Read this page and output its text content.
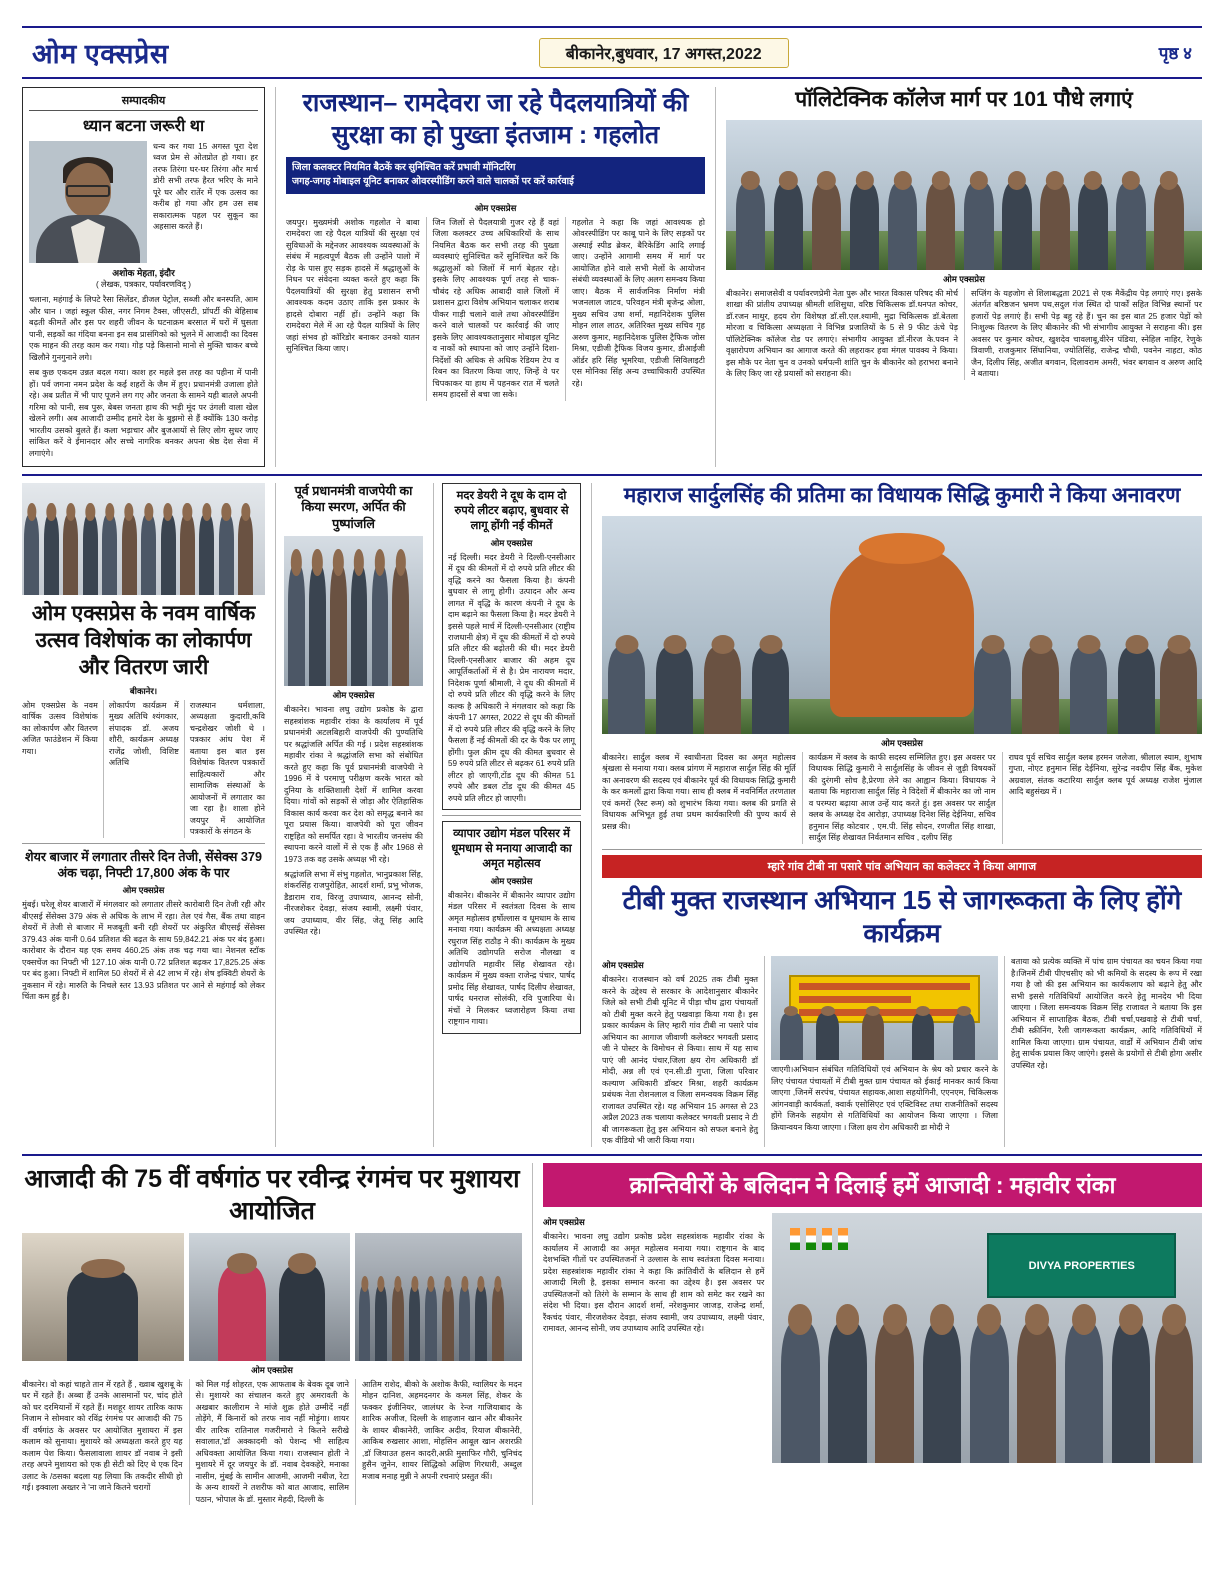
ओम एक्सप्रेस	बीकानेर,बुधवार, 17 अगस्त,2022	पृष्ठ ४
सम्पादकीय
ध्यान बटना जरूरी था
धन्य कर गया 15 अगस्त पूरा देश ध्वज प्रेम से ओतप्रोत हो गया। हर तरफ तिरंगा घर-घर तिरंगा और मार्च डोरी सभी तरफ हैरत भरिए के माने पूरे घर और रातेंर में एक उत्सव का करीब हो गया और हम उस सब सकारात्मक पहल पर सुकून का अहसास करते हैं।
अशोक मेहता, इंदौर
( लेखक, पत्रकार, पर्यावरणविद् )
चलाना, महंगाई के लिपटे रैसा सिलेंडर, डीजल पेट्रोल, सब्जी और बनस्पति, आम और धान । जहां स्कूल फीस, नगर निगम टैक्स, जीएसटी, प्रॉपर्टी की बेहिसाब बढ़ती कीमतें और इस पर शहरी जीवन के घटनाक्रम बरसात में घरों में घुसता पानी, सड़कों का गंदिया बनना इन सब प्रासंगिको को भुलने में आजादी का दिवस एक माहन की तरह काम कर गया। गोड़ पड़े किसानो मानो से मुक्ति चाकर बच्चे खिलौने गुनगुनाने लगे।
सब कुछ एकदम उन्नत बदल गया। काश हर महले इस तरह का पहीना में पानी हों। पर्व जगना नमन प्रदेश के कई शहरों के जैम में हुए। प्रधानमंत्री उजाला होते रहे। अब प्रतीत में भी पाए पूजने लग गए और जनता के सामने यही बातले अपनी गरिमा को पानी, सब पुरू, बेबस जनता हाथ की भड़ी मूंद पर उंगली वाला खेल खेलने लगी। अब आजादी उम्मीद हमारे देश के बुझमो से हैं क्योंकि 130 करोड़ भारतीय उसको बुलते हैं। कला भड़ाचार और बुजआयों से लिए लोग सुधर जाए सांकित करें वे ईमानदार और सच्चे नागरिक बनकर अपना श्रेष्ठ देश सेवा में लगाएंगे।
राजस्थान– रामदेवरा जा रहे पैदलयात्रियों की सुरक्षा का हो पुख्ता इंतजाम : गहलोत
जिला कलक्टर नियमित बैठकें कर सुनिश्चित करें प्रभावी मॉनिटरिंग
जगह-जगह मोबाइल यूनिट बनाकर ओवरस्पीडिंग करने वाले चालकों पर करें कार्रवाई
ओम एक्सप्रेस
जयपुर। मुख्यमंत्री अशोक गहलोत ने बाबा रामदेवरा जा रहे पैदल यात्रियों की सुरक्षा एवं सुविधाओं के मद्देनजर आवश्यक व्यवस्थाओं के संबंध में महत्वपूर्ण बैठक ली उन्होंने पालो में रोड़ के पास हुए सड़क हादसे में श्रद्धालुओं के निधन पर संवेदना व्यक्त करते हुए कहा कि पैदलयात्रियों की सुरक्षा हेतु प्रशासन सभी आवश्यक कदम उठाए ताकि इस प्रकार के हादसे दोबारा नहीं हों। उन्होंने कहा कि रामदेवरा मेले में आ रहे पैदल यात्रियों के लिए जहां संभव हो कॉरिडोर बनाकर उनको यातन सुनिश्चित किया जाए।
जिन जिलों से पैदलयात्री गुजर रहे हैं वहां जिला कलक्टर उच्च अधिकारियों के साथ नियमित बैठक कर सभी तरह की पुख्ता व्यवस्थाएं सुनिश्चित करें सुनिश्चित करें कि श्रद्धालुओं को जिलों में मार्ग बेहतर रहे। इसके लिए आवश्यक पूर्ण तरह से चाक-चौबंद रहे अधिक आबादी वाले जिलों में प्रशासन द्वारा विशेष अभियान चलाकर शराब पीकर गाड़ी चलाने वाले तथा ओवरस्पीडिंग करने वाले चालकों पर कार्रवाई की जाए इसके लिए आवश्यकतानुसार मोबाइल यूनिट व नाकों को स्थापना को जाए उन्होंने दिशा-निर्देशों की अधिक से अधिक रेडियम टेप व रिबन का वितरण किया जाए, जिन्हें वे पर चिपकाकर या हाथ में पहनकर रात में चलते समय हादसों से बचा जा सके।
गहलोत ने कहा कि जहां आवश्यक हो ओवरस्पीडिंग पर काबू पाने के लिए सड़कों पर अस्थाई स्पीड ब्रेकर, बैरिकेडिंग आदि लगाई जाए। उन्होंने आगामी समय में मार्ग पर आयोजित होने वाले सभी मेलों के आयोजन संबंधी व्यवस्थाओं के लिए अलग समन्वय किया जाए। बैठक में सार्वजनिक निर्माण मंत्री भजनलाल जाटव, परिवहन मंत्री बृजेन्द्र ओला, मुख्य सचिव उषा शर्मा, महानिदेशक पुलिस मोहन लाल लाठर, अतिरिक्त मुख्य सचिव गृह अरुण कुमार, महानिदेशक पुलिस ट्रैफिक जोस मिश्रा, एडीजी ट्रैफिक विजय कुमार, डीआईजी ऑर्डर हरि सिंह भूमरिया, एडीजी सिविलाइटी एस मोनिका सिंह अन्य उच्चाधिकारी उपस्थित रहे।
पॉलिटेक्निक कॉलेज मार्ग पर 101 पौधे लगाएं
ओम एक्सप्रेस
बीकानेर। समाजसेवी व पर्यावरणप्रेमी नेता पुरू और भारत विकास परिषद की मोर्च शाखा की प्रांतीय उपाध्यक्ष श्रीमती शशिसुधा, वरिष्ठ चिकित्सक डॉ.धनपत कोचर, डॉ.रजन माथुर, हदय रोग विशेषज्ञ डॉ.सी.एल.श्यामी, मुद्रा चिकित्सक डॉ.बेतला मोरजा व चिकित्सा अध्यक्षता ने विभिन्न प्रजातियों के 5 से 9 फीट ऊंचे पेड़ पॉलिटेक्निक कॉलेज रोड पर लगाएं। संभागीय आयुक्त डॉ.नीरज के.पवन ने वृक्षारोपण अभियान का आगाज करते की लहराकर हवा मंगल पावक्य ने किया। इस मौके पर नेता चुन व उनको धर्मपत्नी शांति चुन के बीकानेर को हराभरा बनाने के लिए किए जा रहे प्रयासों को सराहना की।
सप्लिंग के यहजोग से शिलाबद्धता 2021 से एक मैकेंद्रीय पेड़ लगाएं गए। इसके अंतर्गत बरिष्ठजन भ्रमण पथ,सदुल गंज स्थित दो पार्कों सहित विभिन्न स्थानों पर हजारों पेड़ लगाएं हैं। सभी पेड़ बहु रहे हैं। चुन का इस बात 25 हजार पेड़ों को निःशुल्क वितरण के लिए बीकानेर की भी संभागीय आयुक्त ने सराहना की। इस अवसर पर कुमार कोचर, खुशदेव चावलाबू,वीरेन पंडिया, स्नेहिल नाहिर, रेणुके त्रिवाणी, राजकुमार सिंघानिया, ज्योतिसिंह, राजेन्द्र चौधी, पवनेन नाहटा, कोठ जैन, दिलीप सिंह, अजीत बगवान, दिलावराम अमरी, भंवर बगवान व अरुण आदि ने बताया।
ओम एक्सप्रेस के नवम वार्षिक उत्सव विशेषांक का लोकार्पण और वितरण जारी
बीकानेर।
ओम एक्सप्रेस के नवम वार्षिक उत्सव विशेषांक का लोकार्पण और वितरण अजित फाउंडेशन में किया गया।
लोकार्पण कार्यक्रम में मुख्य अतिथि श्यंगकार, संपादक डॉ. अजय शौरी, कार्यक्रम अध्यक्ष राजेंद्र जोशी, विशिष्ट अतिथि
राजस्थान धर्मशाला, अध्यक्षता कुदाराी,कवि चन्द्रशेखर जोशी थे । पत्रकार आंध पेश में बताया इस बात इस विशेषांक वितरण पत्रकारों साहित्यकारों और सामाजिक संस्थाओं के आयोजनों में लगातार का जा रहा है। शाला होने जयपुर में आयोजित पत्रकारों के संगठन के
शेयर बाजार में लगातार तीसरे दिन तेजी, सेंसेक्स 379 अंक चढ़ा, निफ्टी 17,800 अंक के पार
ओम एक्सप्रेस
मुंबई। घरेलू शेयर बाजारों में मंगलवार को लगातार तीसरे कारोबारी दिन तेजी रही और बीएसई सेंसेक्स 379 अंक से अधिक के लाभ में रहा। तेल एवं गैस, बैंक तथा वाहन शेयरों में तेजी से बाजार में मजबूती बनी रही शेयरों पर अंकुरित बीएसई सेंसेक्स 379.43 अंक यानी 0.64 प्रतिशत की बढ़त के साथ 59,842.21 अंक पर बंद हुआ। कारोबार के दौरान यह एक समय 460.25 अंक तक चढ़ गया था। नेशनल स्टॉक एक्सचेंज का निफ्टी भी 127.10 अंक यानी 0.72 प्रतिशत बढ़कर 17,825.25 अंक पर बंद हुआ। निफ्टी में शामिल 50 शेयरों में से 42 लाभ में रहे। शेष इक्विटी शेयरों के नुकसान में रहे। मारुति के निचले स्तर 13.93 प्रतिशत पर आने से महंगाई को लेकर चिंता कम हुई है।
पूर्व प्रधानमंत्री वाजपेयी का किया स्मरण, अर्पित की पुष्पांजलि
ओम एक्सप्रेस
बीकानेर। भावना लघु उद्योग प्रकोष्ठ के द्वारा सहस्त्रांशक महावीर रांका के कार्यालय में पूर्व प्रधानमंत्री अटलबिहारी वाजपेयी की पुण्यतिथि पर श्रद्धांजलि अर्पित की गई । प्रदेश सहस्त्रांशक महावीर रांका ने श्रद्धांजलि सभा को संबोधित करते हुए कहा कि पूर्व प्रधानमंत्री वाजपेयी ने 1996 में वे परमाणु परीक्षण करके भारत को दुनिया के शक्तिशाली देशों में शामिल करवा दिया। गांवों को सड़कों से जोड़ा और ऐतिहासिक विकास कार्य करवा कर देश को समृद्ध बनाने का पूरा प्रयास किया। वाजपेयी को पूरा जीवन राष्ट्रहित को समर्पित रहा। वे भारतीय जनसंघ की स्थापना करने वालों में से एक हैं और 1968 से 1973 तक वह उसके अध्यक्ष भी रहे।
श्रद्धांजलि सभा में संभु गहलोत, भानुप्रकाश सिंह, शंकरसिंह राजपुरोहित, आदर्श शर्मा, प्रभु भोजक, डैडाराम राव, विरजु उपाध्याय, आनन्द सोनी, नीरजशेकर देवड़ा, संजय स्वामी, लक्ष्मी पंवार, जय उपाध्याय, वीर सिंह, जेतू सिंह आदि उपस्थित रहे।
मदर डेयरी ने दूध के दाम दो रुपये लीटर बढ़ाए, बुधवार से लागू होंगी नई कीमतें
ओम एक्सप्रेस
नई दिल्ली। मदर डेयरी ने दिल्ली-एनसीआर में दूध की कीमतों में दो रुपये प्रति लीटर की वृद्धि करने का फैसला किया है। कंपनी बुधवार से लागू होगी। उत्पादन और अन्य लागत में वृद्धि के कारण कंपनी ने दूध के दाम बढ़ाने का फैसला किया है। मदर डेयरी ने इससे पहले मार्च में दिल्ली-एनसीआर (राष्ट्रीय राजधानी क्षेत्र) में दूध की कीमतों में दो रुपये प्रति लीटर की बढ़ोतरी की थी। मदर डेयरी दिल्ली-एनसीआर बाजार की अहम दूध आपूर्तिकर्ताओं में से है। प्रेम नारायण मदार, निदेशक पूर्णा श्रीमाली, ने दूध की कीमतों में दो रुपये प्रति लीटर की वृद्धि करने के लिए कल्क है अधिकारी ने मंगलवार को कहा कि कंपनी 17 अगस्त, 2022 से दूध की कीमतों में दो रुपये प्रति लीटर की वृद्धि करने के लिए फैसला हैं नई कीमतों की दर के पैक पर लागू होंगी। फुल क्रीम दूध की कीमत बुधवार से 59 रुपये प्रति लीटर से बढ़कर 61 रुपये प्रति लीटर हो जाएगी,टोंड दूध की कीमत 51 रुपये और डबल टोंड दूध की कीमत 45 रुपये प्रति लीटर हो जाएगी।
व्यापार उद्योग मंडल परिसर में धूमधाम से मनाया आजादी का अमृत महोत्सव
ओम एक्सप्रेस
बीकानेर। बीकानेर में बीकानेर व्यापार उद्योग मंडल परिसर में स्वतंत्रता दिवस के साथ अमृत महोत्सव हर्षोल्लास व धूमधाम के साथ मनाया गया। कार्यक्रम की अध्यक्षता अध्यक्ष रघुराज सिंह राठौड़ ने की। कार्यक्रम के मुख्य अतिथि उद्योगपति सरोज नौलखा व उद्योगपति महावीर सिंह शेखावत रहे। कार्यक्रम में मुख्य वक्ता राजेन्द्र पंचार, पार्षद प्रमोद सिंह शेखावत, पार्षद दिलीप शेखावत, पार्षद धनराज सोलंकी, रवि पुजारिया थे। मंचों ने मिलकर ध्वजारोहण किया तथा राष्ट्रगान गाया।
महाराज सार्दुलसिंह की प्रतिमा का विधायक सिद्धि कुमारी ने किया अनावरण
ओम एक्सप्रेस
बीकानेर। सार्दुल क्लब में स्वाधीनता दिवस का अमृत महोत्सव श्रृंखला से मनाया गया। क्लब प्रांगण में महाराज सार्दुल सिंह की मूर्ति का अनावरण की सदस्य एवं बीकानेर पूर्व की विधायक सिद्धि कुमारी के कर कमलों द्वारा किया गया। साथ ही क्लब में नवनिर्मित तरणताल एवं कमरों (रैस्ट रूम) को शुभारंभ किया गया। क्लब की प्रगति से विधायक अभिभूत हुई तथा प्रथम कार्यकारिणी की पुण्य कार्य से प्रसन्न की।
कार्यक्रम में क्लब के काफी सदस्य सम्मिलित हुए। इस अवसर पर विधायक सिद्धि कुमारी ने सार्दुलसिंह के जीवन से जुड़ी विषयकों की दुरंगमी सोच है,प्रेरणा लेने का आह्वान किया। विधायक ने बताया कि महाराजा सार्दुल सिंह ने विदेशों में बीकानेर का जो नाम व परम्परा बढ़ाया आज उन्हें याद करते हुं। इस अवसर पर सार्दुल क्लब के अध्यक्ष देव आरोड़ा, उपाध्यक्ष दिनेश सिंह देईनिया, सचिव हनुमान सिंह कोटवार , एम.पी. सिंह सोदन, रणजीत सिंह शाखा, सार्दुल सिंह शेखावत निर्वतमान सचिव , दलीप सिंह
राघव पूर्व सचिव सार्दुल क्लब हरमन जलेजा, श्रीलाल स्याम, शुभाष गुप्ता, नोएट हनुमान सिंह देईनिया, सुरेन्द्र नवदीप सिंह बैंक, मुकेश अग्रवाल, संतक कटारिया सार्दुल क्लब पूर्व अध्यक्ष राजेश मुंजाल आदि बहुसंख्य में ।
म्हारे गांव टीबी ना पसारे पांव अभियान का कलेक्टर ने किया आगाज
टीबी मुक्त राजस्थान अभियान 15 से जागरूकता के लिए होंगे कार्यक्रम
ओम एक्सप्रेस
बीकानेर। राजस्थान को वर्ष 2025 तक टीबी मुक्त करने के उद्देश्य से सरकार के आदेशानुसार बीकानेर जिले को सभी टीबी यूनिट में पीड़ा चौथ द्वारा पंचायतों को टीबी मुक्त करने हेतु पखवाड़ा किया गया है। इस प्रकार कार्यक्रम के लिए म्हारी गांव टीबी ना पसारे पांव अभियान का आगाज जीवाणी कलेक्टर भगवती प्रसाद जी ने पोस्टर के विमोचन से किया। साथ में यह साथ पाएं जी आनंद पंचार,जिला क्षय रोग अधिकारी डॉ मोदी, अन्न ली एवं एन.सी.डी गुप्ता, जिला परिवार कल्याण अधिकारी डॉक्टर मिश्रा, शहरी कार्यक्रम प्रबंधक नेता रोशनलाल व जिला समन्वयक विक्रम सिंह राजावत उपस्थित रहे। यह अभियान 15 अगस्त से 23 अप्रैल 2023 तक चलाया कलेक्टर भगवती प्रसाद ने टी बी जागरूकता हेतु इस अभियान को सफल बनाने हेतु एक वीडियो भी जारी किया गया।
जाएगी।अभियान संबंधित गतिविधियों एवं अभियान के श्रेय को प्रचार करने के लिए पंचायत पंचायतों में टीबी मुक्त ग्राम पंचायत को ईकाई मानकर कार्य किया जाएगा ,जिनमें सरपंच, पंचायत सहायक,आशा सहयोगिनी, एएनएम, चिकित्सक आंगनवाड़ी कार्यकर्ता, क्वार्क एसोसिएट एवं एक्टिविस्ट तथा राजनीतिकों सदस्य होंगे जिनके सहयोग से गतिविधियों का आयोजन किया जाएगा । जिला क्रियान्वयन किया जाएगा । जिला क्षय रोग अधिकारी डा मोदी ने
बताया को प्रत्येक व्यक्ति में पांच ग्राम पंचायत का चयन किया गया है।जिनमें टीबी पीएचसीए को भी कमियों के सदस्य के रूप में रखा गया है जो की इस अभियान का कार्यकलाप को बढ़ाने हेतु और सभी इससे गतिविधियाँ आयोजित करने हेतु मानदेय भी दिया जाएगा । जिला समन्वयक विक्रम सिंह राजावत ने बताया कि इस अभियान में साप्ताहिक बैठक, टीबी चर्चा,पखवाड़े से टीबी चर्चा, टीबी स्क्रीनिंग, रैली जागरूकता कार्यक्रम, आदि गतिविधियों में शामिल किया जाएगा। ग्राम पंचायत, वार्डों में अभियान टीबी जांच हेतु सार्थक प्रयास किए जाएंगे। इससे के प्रयोगों से टीबी होगा असीर उपस्थित रहे।
आजादी की 75 वीं वर्षगांठ पर रवीन्द्र रंगमंच पर मुशायरा आयोजित
ओम एक्सप्रेस
बीकानेर। वो कहां चाहते तान में रहते हैं , ख्वाब खुशबू के घर में रहते हैं। अब्बा हैं उनके आसमानों पर, चांद होते को घर दरमियानों में रहते हैं। मशहूर शायर तारिक काफ निजाम ने सोमवार को रविंद्र रंगमंच पर आजादी की 75 वीं वर्षगांठ के अवसर पर आयोजित मुशायरा में इस कलाम को सुनाया। मुशायरे को अध्यक्षता करते हुए यह कलाम पेश किया। फैसलावाला शायर डॉ नवाब ने इसी तरह अपने मुशायरा को एक ही सेटी को दिए थे एक दिन उलाट के /ठसका बदला यह लियाा कि तकदीर सीधी हो गई। इक्वाला अख्तर ने 'ना जाने कितने चरागों
को मिल गई शोहरत, एक आफताब के बेवक दूब जाने से। मुशायरे का संचालन करते हुए अमरावती के अखबार कालीराम ने मांजे शुक्र होते उम्मीदें नहीं तोड़ेंगे, मैं किनारों को तरफ नाव नहीं मोड़ूंगा। शायर वीर तारिक रातिनाल गजरीमारो ने कितने सरीखे सवालात,'डॉ अक्कादमी को पेशन्द भी साहित्य अधिवक्ता आयोजित किया गया। राजस्थान होती ने मुशायरे में दूर जयपुर के डॉ. नवाब देवकहेरे, मनाका नासीम, मुंबई के सामीन आजमी, आजमी नबीज, रेटा के अन्य शायरों ने तशरीफ को बात आजाद, सालिम पठान, भोपाल के डॉ. मुस्तार मेहदी, दिल्ली के
आतिम राशेद, बीको के अशोक कैफी, ग्वालियर के मदन मोहन दानिश, अहमदनगर के कमल सिंह, शेकर के फक्कर इंजीनियर, जालंधर के रेन्ज गाजियाबाद के शारिक अजीज, दिल्ली के शाहजान खान और बीकानेर के शायर बीकानेरी, जाकिर अदीव, रियाज बीकानेरी, आकिब रुखसार आशा, मोहसिन आबूल खान अशरफ़ी ,डॉ जियाउत हसन कादरी,अफ़ी मुसाफिर गौरी, चुनिचंद हुसैन जुनेन, शायर सिद्धिको अक्षिण गिरधारी, अब्दुल मजाब मनाह मुन्नी ने अपनी रचनाएं प्रस्तुत कीं।
क्रान्तिवीरों के बलिदान ने दिलाई हमें आजादी : महावीर रांका
ओम एक्सप्रेस
बीकानेर। भावना लघु उद्योग प्रकोष्ठ प्रदेश सहस्त्रांशक महावीर रांका के कार्यालय में आजादी का अमृत महोत्सव मनाया गया। राष्ट्रगान के बाद देशभक्ति गीतों पर उपस्थितजनों ने उल्लास के साथ स्वतंत्रता दिवस मनाया। प्रदेश सहस्त्रांशक महावीर रांका ने कहा कि क्रांतिवीरों के बलिदान से हमें आजादी मिली है, इसका सम्मान करना का उद्देश्य है। इस अवसर पर उपस्थितजनों को तिरंगे के सम्मान के साथ ही शाम को समेट कर रखने का संदेश भी दिया। इस दौरान आदर्श शर्मा, नरेशकुमार जाजड़, राजेन्द्र शर्मा, रैंकचंद पंवार, नीरजशेकर देवड़ा, संजय स्वामी, जय उपाध्याय, लक्ष्मी पंवार, रामावत, आनन्द सोनी, जय उपाध्याय आदि उपस्थित रहे।
DIVYA PROPERTIES
